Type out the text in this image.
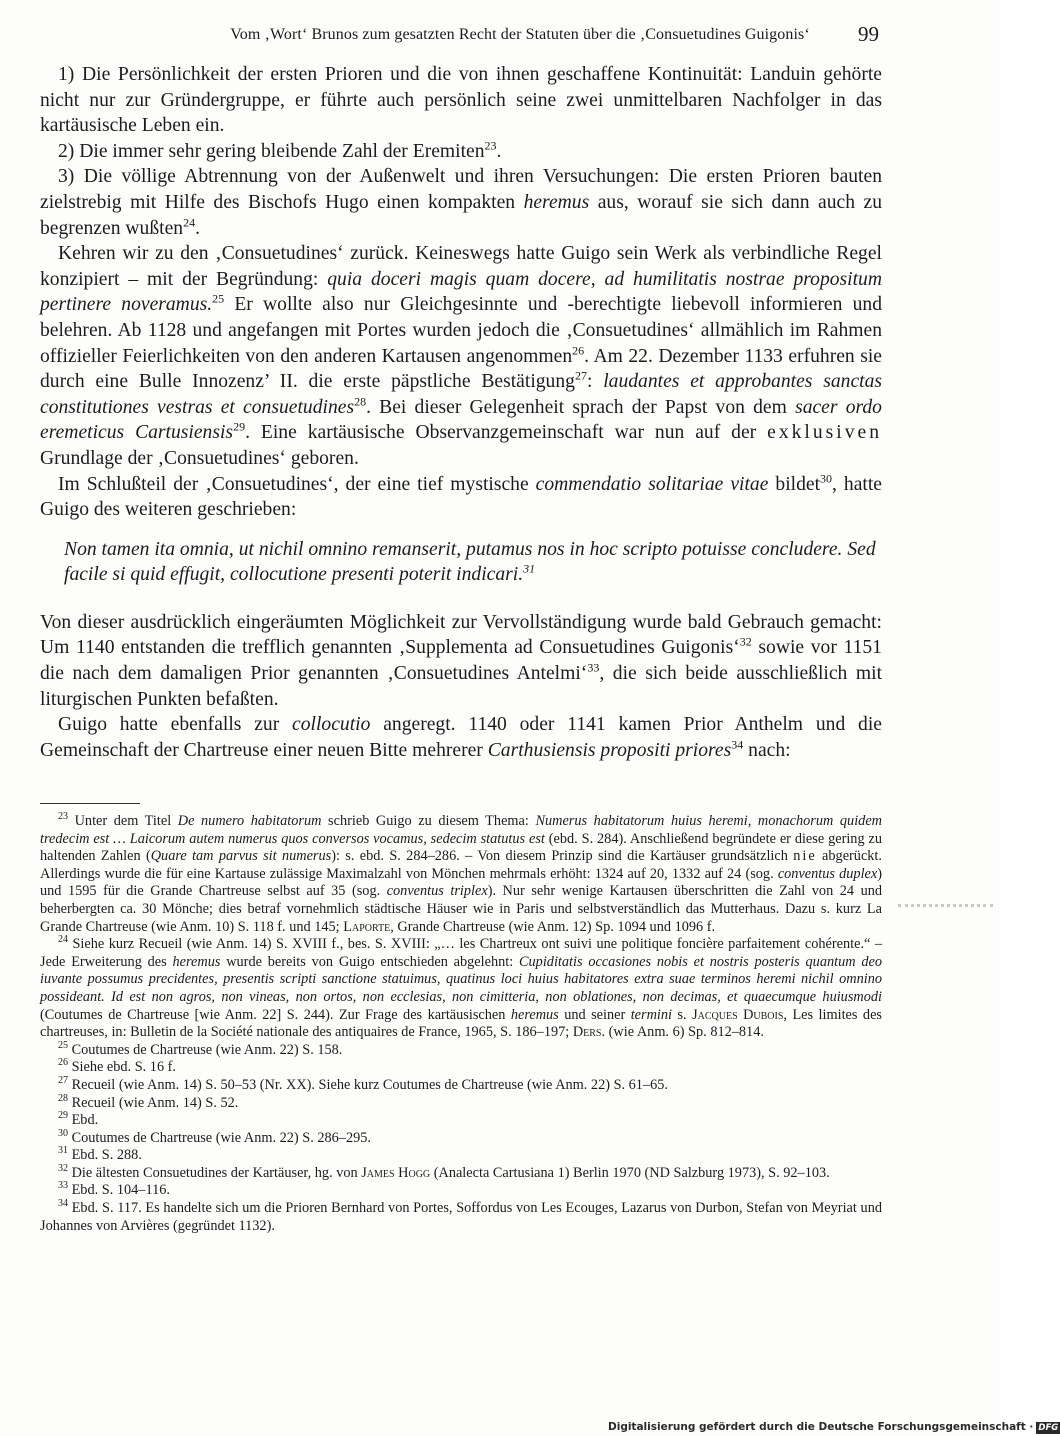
Vom ‚Wort‘ Brunos zum gesatzten Recht der Statuten über die ‚Consuetudines Guigonis‘	99

1) Die Persönlichkeit der ersten Prioren und die von ihnen geschaffene Kontinuität: Landuin gehörte nicht nur zur Gründergruppe, er führte auch persönlich seine zwei unmittelbaren Nachfolger in das kartäusische Leben ein.

2) Die immer sehr gering bleibende Zahl der Eremiten$^{23}$.

3) Die völlige Abtrennung von der Außenwelt und ihren Versuchungen: Die ersten Prioren bauten zielstrebig mit Hilfe des Bischofs Hugo einen kompakten heremus aus, worauf sie sich dann auch zu begrenzen wußten$^{24}$.

Kehren wir zu den ‚Consuetudines‘ zurück. Keineswegs hatte Guigo sein Werk als verbindliche Regel konzipiert – mit der Begründung: quia doceri magis quam docere, ad humilitatis nostrae propositum pertinere noveramus.$^{25}$ Er wollte also nur Gleichgesinnte und -berechtigte liebevoll informieren und belehren. Ab 1128 und angefangen mit Portes wurden jedoch die ‚Consuetudines‘ allmählich im Rahmen offizieller Feierlichkeiten von den anderen Kartausen angenommen$^{26}$. Am 22. Dezember 1133 erfuhren sie durch eine Bulle Innozenz’ II. die erste päpstliche Bestätigung$^{27}$: laudantes et approbantes sanctas constitutiones vestras et consuetudines$^{28}$. Bei dieser Gelegenheit sprach der Papst von dem sacer ordo eremeticus Cartusiensis$^{29}$. Eine kartäusische Observanzgemeinschaft war nun auf der exklusiven Grundlage der ‚Consuetudines‘ geboren.

Im Schlußteil der ‚Consuetudines‘, der eine tief mystische commendatio solitariae vitae bildet$^{30}$, hatte Guigo des weiteren geschrieben:

Non tamen ita omnia, ut nichil omnino remanserit, putamus nos in hoc scripto potuisse concludere. Sed facile si quid effugit, collocutione presenti poterit indicari.$^{31}$

Von dieser ausdrücklich eingeräumten Möglichkeit zur Vervollständigung wurde bald Gebrauch gemacht: Um 1140 entstanden die trefflich genannten ‚Supplementa ad Consuetudines Guigonis‘$^{32}$ sowie vor 1151 die nach dem damaligen Prior genannten ‚Consuetudines Antelmi‘$^{33}$, die sich beide ausschließlich mit liturgischen Punkten befaßten.

Guigo hatte ebenfalls zur collocutio angeregt. 1140 oder 1141 kamen Prior Anthelm und die Gemeinschaft der Chartreuse einer neuen Bitte mehrerer Carthusiensis propositi priores$^{34}$ nach:

$^{23}$ Unter dem Titel De numero habitatorum schrieb Guigo zu diesem Thema: Numerus habitatorum huius heremi, monachorum quidem tredecim est … Laicorum autem numerus quos conversos vocamus, sedecim statutus est (ebd. S. 284). Anschließend begründete er diese gering zu haltenden Zahlen (Quare tam parvus sit numerus): s. ebd. S. 284–286. – Von diesem Prinzip sind die Kartäuser grundsätzlich nie abgerückt. Allerdings wurde die für eine Kartause zulässige Maximalzahl von Mönchen mehrmals erhöht: 1324 auf 20, 1332 auf 24 (sog. conventus duplex) und 1595 für die Grande Chartreuse selbst auf 35 (sog. conventus triplex). Nur sehr wenige Kartausen überschritten die Zahl von 24 und beherbergten ca. 30 Mönche; dies betraf vornehmlich städtische Häuser wie in Paris und selbstverständlich das Mutterhaus. Dazu s. kurz La Grande Chartreuse (wie Anm. 10) S. 118 f. und 145; Laporte, Grande Chartreuse (wie Anm. 12) Sp. 1094 und 1096 f.

$^{24}$ Siehe kurz Recueil (wie Anm. 14) S. XVIII f., bes. S. XVIII: „… les Chartreux ont suivi une politique foncière parfaitement cohérente.“ – Jede Erweiterung des heremus wurde bereits von Guigo entschieden abgelehnt: Cupiditatis occasiones nobis et nostris posteris quantum deo iuvante possumus precidentes, presentis scripti sanctione statuimus, quatinus loci huius habitatores extra suae terminos heremi nichil omnino possideant. Id est non agros, non vineas, non ortos, non ecclesias, non cimitteria, non oblationes, non decimas, et quaecumque huiusmodi (Coutumes de Chartreuse [wie Anm. 22] S. 244). Zur Frage des kartäusischen heremus und seiner termini s. Jacques Dubois, Les limites des chartreuses, in: Bulletin de la Société nationale des antiquaires de France, 1965, S. 186–197; Ders. (wie Anm. 6) Sp. 812–814.

$^{25}$ Coutumes de Chartreuse (wie Anm. 22) S. 158.

$^{26}$ Siehe ebd. S. 16 f.

$^{27}$ Recueil (wie Anm. 14) S. 50–53 (Nr. XX). Siehe kurz Coutumes de Chartreuse (wie Anm. 22) S. 61–65.

$^{28}$ Recueil (wie Anm. 14) S. 52.

$^{29}$ Ebd.

$^{30}$ Coutumes de Chartreuse (wie Anm. 22) S. 286–295.

$^{31}$ Ebd. S. 288.

$^{32}$ Die ältesten Consuetudines der Kartäuser, hg. von James Hogg (Analecta Cartusiana 1) Berlin 1970 (ND Salzburg 1973), S. 92–103.

$^{33}$ Ebd. S. 104–116.

$^{34}$ Ebd. S. 117. Es handelte sich um die Prioren Bernhard von Portes, Soffordus von Les Ecouges, Lazarus von Durbon, Stefan von Meyriat und Johannes von Arvières (gegründet 1132).

Digitalisierung gefördert durch die Deutsche Forschungsgemeinschaft · DFG
